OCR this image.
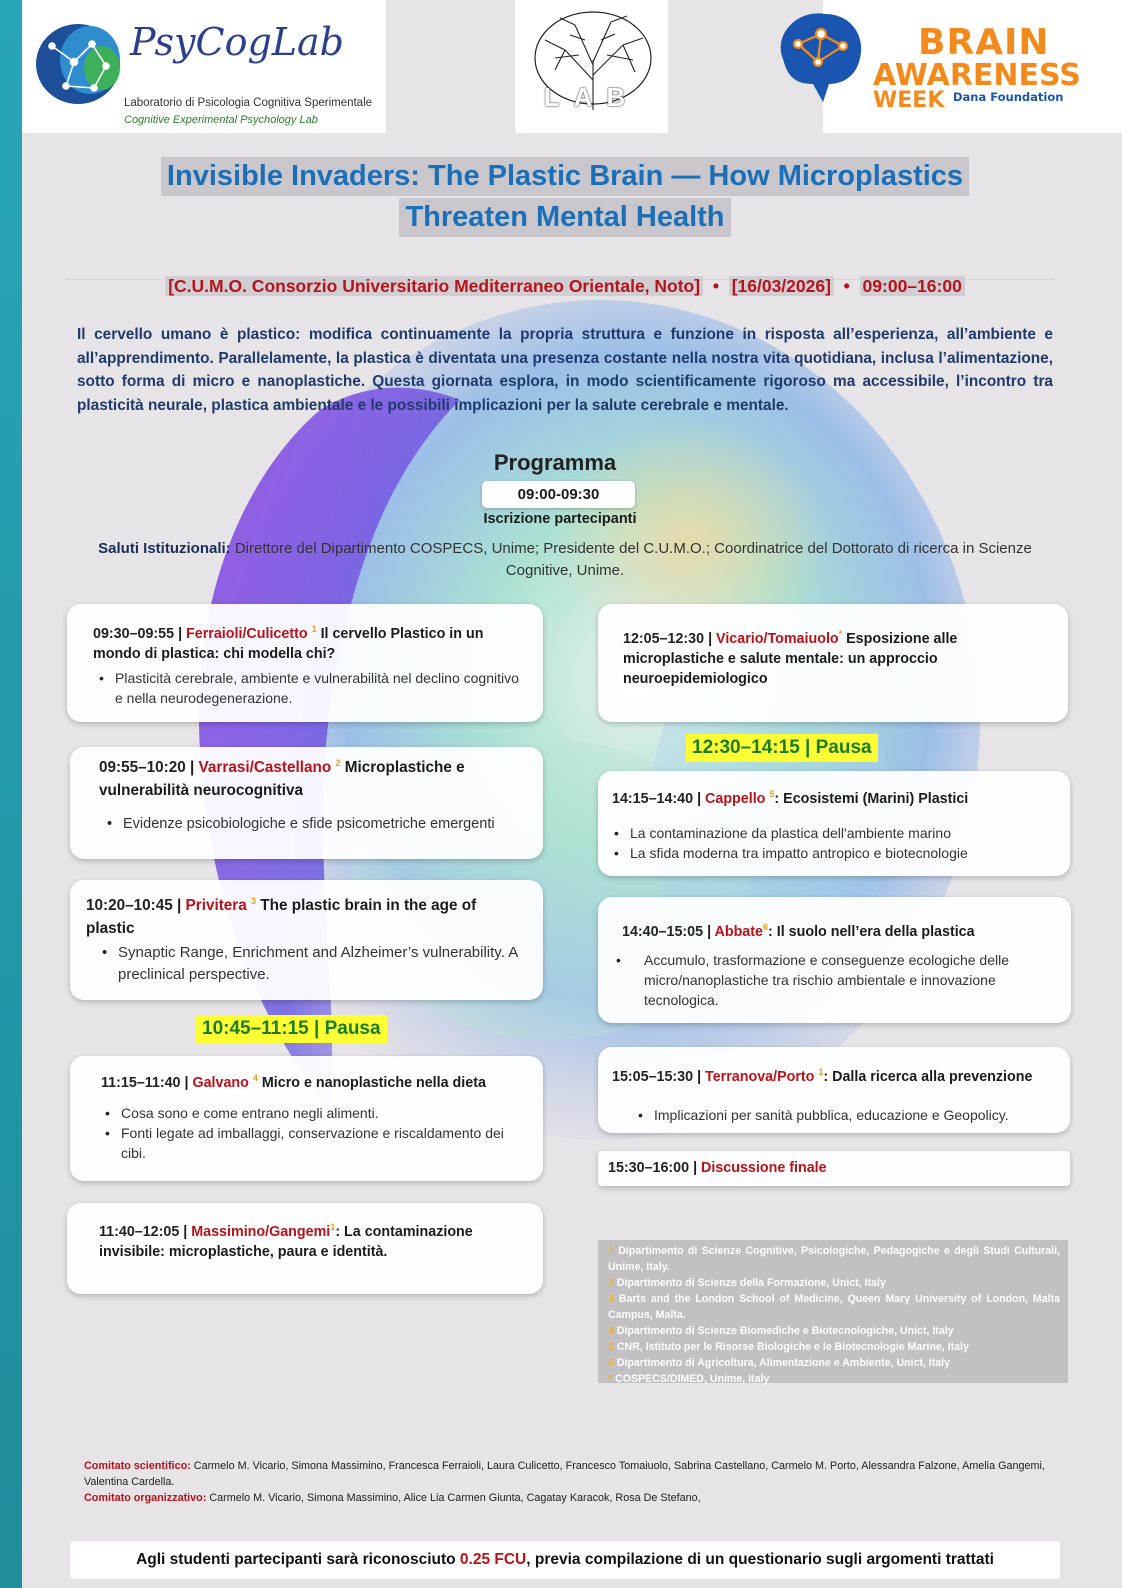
PsyCogLab
Laboratorio di Psicologia Cognitiva Sperimentale
Cognitive Experimental Psychology Lab
LAB
BRAIN
AWARENESS
WEEK Dana Foundation
Invisible Invaders: The Plastic Brain — How Microplastics
Threaten Mental Health
[C.U.M.O. Consorzio Universitario Mediterraneo Orientale, Noto] • [16/03/2026] • 09:00–16:00
Il cervello umano è plastico: modifica continuamente la propria struttura e funzione in risposta all’esperienza, all’ambiente e all’apprendimento. Parallelamente, la plastica è diventata una presenza costante nella nostra vita quotidiana, inclusa l’alimentazione, sotto forma di micro e nanoplastiche. Questa giornata esplora, in modo scientificamente rigoroso ma accessibile, l’incontro tra plasticità neurale, plastica ambientale e le possibili implicazioni per la salute cerebrale e mentale.
Programma
09:00-09:30
Iscrizione partecipanti
Saluti Istituzionali: Direttore del Dipartimento COSPECS, Unime; Presidente del C.U.M.O.; Coordinatrice del Dottorato di ricerca in Scienze Cognitive, Unime.
09:30–09:55 | Ferraioli/Culicetto $^1$ Il cervello Plastico in un mondo di plastica: chi modella chi?
• Plasticità cerebrale, ambiente e vulnerabilità nel declino cognitivo e nella neurodegenerazione.
09:55–10:20 | Varrasi/Castellano $^2$ Microplastiche e vulnerabilità neurocognitiva
• Evidenze psicobiologiche e sfide psicometriche emergenti
10:20–10:45 | Privitera $^3$ The plastic brain in the age of plastic
• Synaptic Range, Enrichment and Alzheimer’s vulnerability. A preclinical perspective.
10:45–11:15 | Pausa
11:15–11:40 | Galvano $^4$ Micro e nanoplastiche nella dieta
• Cosa sono e come entrano negli alimenti.
• Fonti legate ad imballaggi, conservazione e riscaldamento dei cibi.
11:40–12:05 | Massimino/Gangemi$^1$: La contaminazione invisibile: microplastiche, paura e identità.
12:05–12:30 | Vicario/Tomaiuolo* Esposizione alle microplastiche e salute mentale: un approccio neuroepidemiologico
12:30–14:15 | Pausa
14:15–14:40 | Cappello $^5$: Ecosistemi (Marini) Plastici
• La contaminazione da plastica dell'ambiente marino
• La sfida moderna tra impatto antropico e biotecnologie
14:40–15:05 | Abbate$^6$: Il suolo nell’era della plastica
• Accumulo, trasformazione e conseguenze ecologiche delle micro/nanoplastiche tra rischio ambientale e innovazione tecnologica.
15:05–15:30 | Terranova/Porto $^1$: Dalla ricerca alla prevenzione
• Implicazioni per sanità pubblica, educazione e Geopolicy.
15:30–16:00 | Discussione finale
1 Dipartimento di Scienze Cognitive, Psicologiche, Pedagogiche e degli Studi Culturali, Unime, Italy.
2 Dipartimento di Scienze della Formazione, Unict, Italy
3 Barts and the London School of Medicine, Queen Mary University of London, Malta Campus, Malta.
4 Dipartimento di Scienze Biomediche e Biotecnologiche, Unict, Italy
5 CNR, Istituto per le Risorse Biologiche e le Biotecnologie Marine, Italy
6 Dipartimento di Agricoltura, Alimentazione e Ambiente, Unict, Italy
* COSPECS/DIMED, Unime, Italy
Comitato scientifico: Carmelo M. Vicario, Simona Massimino, Francesca Ferraioli, Laura Culicetto, Francesco Tomaiuolo, Sabrina Castellano, Carmelo M. Porto, Alessandra Falzone, Amelia Gangemi, Valentina Cardella.
Comitato organizzativo: Carmelo M. Vicario, Simona Massimino, Alice Lia Carmen Giunta, Cagatay Karacok, Rosa De Stefano,
Agli studenti partecipanti sarà riconosciuto 0.25 FCU, previa compilazione di un questionario sugli argomenti trattati
